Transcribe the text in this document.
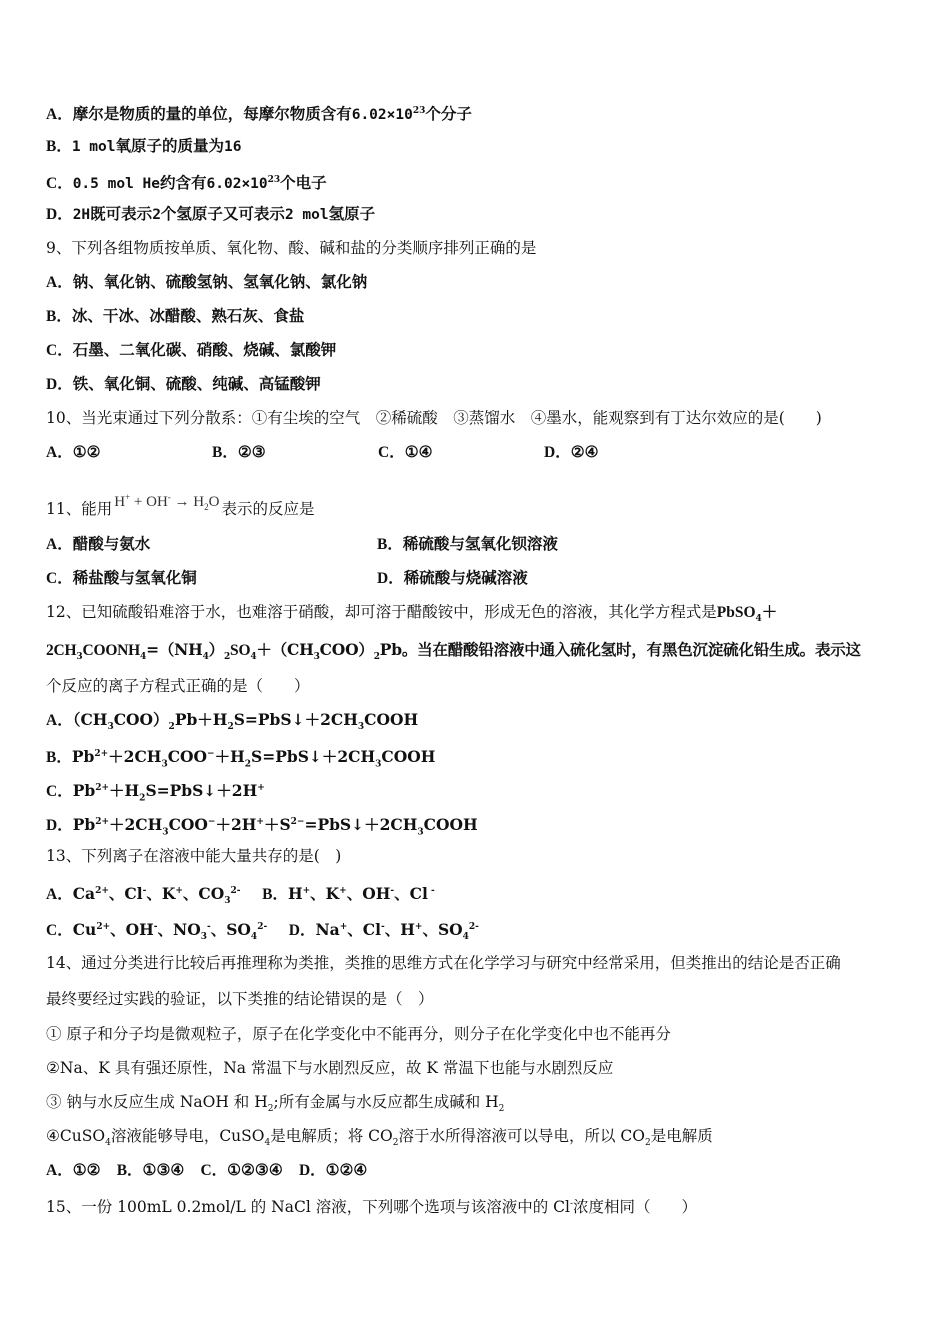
A．摩尔是物质的量的单位，每摩尔物质含有$6.02\times 10^{23}$个分子
B．1 mol氧原子的质量为16
C．0.5 mol He约含有$6.02\times 10^{23}$个电子
D．2H既可表示2个氢原子又可表示2 mol氢原子
9、下列各组物质按单质、氧化物、酸、碱和盐的分类顺序排列正确的是
A．钠、氧化钠、硫酸氢钠、氢氧化钠、氯化钠
B．冰、干冰、冰醋酸、熟石灰、食盐
C．石墨、二氧化碳、硝酸、烧碱、氯酸钾
D．铁、氧化铜、硫酸、纯碱、高锰酸钾
10、当光束通过下列分散系：①有尘埃的空气　②稀硫酸　③蒸馏水　④墨水，能观察到有丁达尔效应的是(　　)
A．①②	B．②③	C．①④	D．②④
11、能用 $H^+ + OH^- \to H_2O$ 表示的反应是
A．醋酸与氨水	B．稀硫酸与氢氧化钡溶液
C．稀盐酸与氢氧化铜	D．稀硫酸与烧碱溶液
12、已知硫酸铅难溶于水，也难溶于硝酸，却可溶于醋酸铵中，形成无色的溶液，其化学方程式是PbSO$_4$＋
$2CH_3COONH_4=(NH_4)_2SO_4+(CH_3COO)_2Pb$。当在醋酸铅溶液中通入硫化氢时，有黑色沉淀硫化铅生成。表示这
个反应的离子方程式正确的是（　　）
A．$(CH_3COO)_2Pb+H_2S=PbS↓+2CH_3COOH$
B．$Pb^{2+}+2CH_3COO^-+H_2S=PbS↓+2CH_3COOH$
C．$Pb^{2+}+H_2S=PbS↓+2H^+$
D．$Pb^{2+}+2CH_3COO^-+2H^++S^{2-}=PbS↓+2CH_3COOH$
13、下列离子在溶液中能大量共存的是(　)
A．$Ca^{2+}$、Cl-、K+、$CO_3^{2-}$ B．H+、K+、OH-、Cl -
C．$Cu^{2+}$、OH-、$NO_3^-$、$SO_4^{2-}$ D．Na+、Cl-、H+、$SO_4^{2-}$
14、通过分类进行比较后再推理称为类推，类推的思维方式在化学学习与研究中经常采用，但类推出的结论是否正确
最终要经过实践的验证，以下类推的结论错误的是（　）
① 原子和分子均是微观粒子，原子在化学变化中不能再分，则分子在化学变化中也不能再分
②Na、K 具有强还原性，Na 常温下与水剧烈反应，故 K 常温下也能与水剧烈反应
③ 钠与水反应生成 NaOH 和 $H_2$;所有金属与水反应都生成碱和 $H_2$
④CuSO$_4$溶液能够导电，CuSO$_4$是电解质；将 $CO_2$溶于水所得溶液可以导电，所以 $CO_2$是电解质
A．①② B．①③④ C．①②③④ D．①②④
15、一份 100mL 0.2mol/L 的 NaCl 溶液，下列哪个选项与该溶液中的 Cl-浓度相同（　　）
